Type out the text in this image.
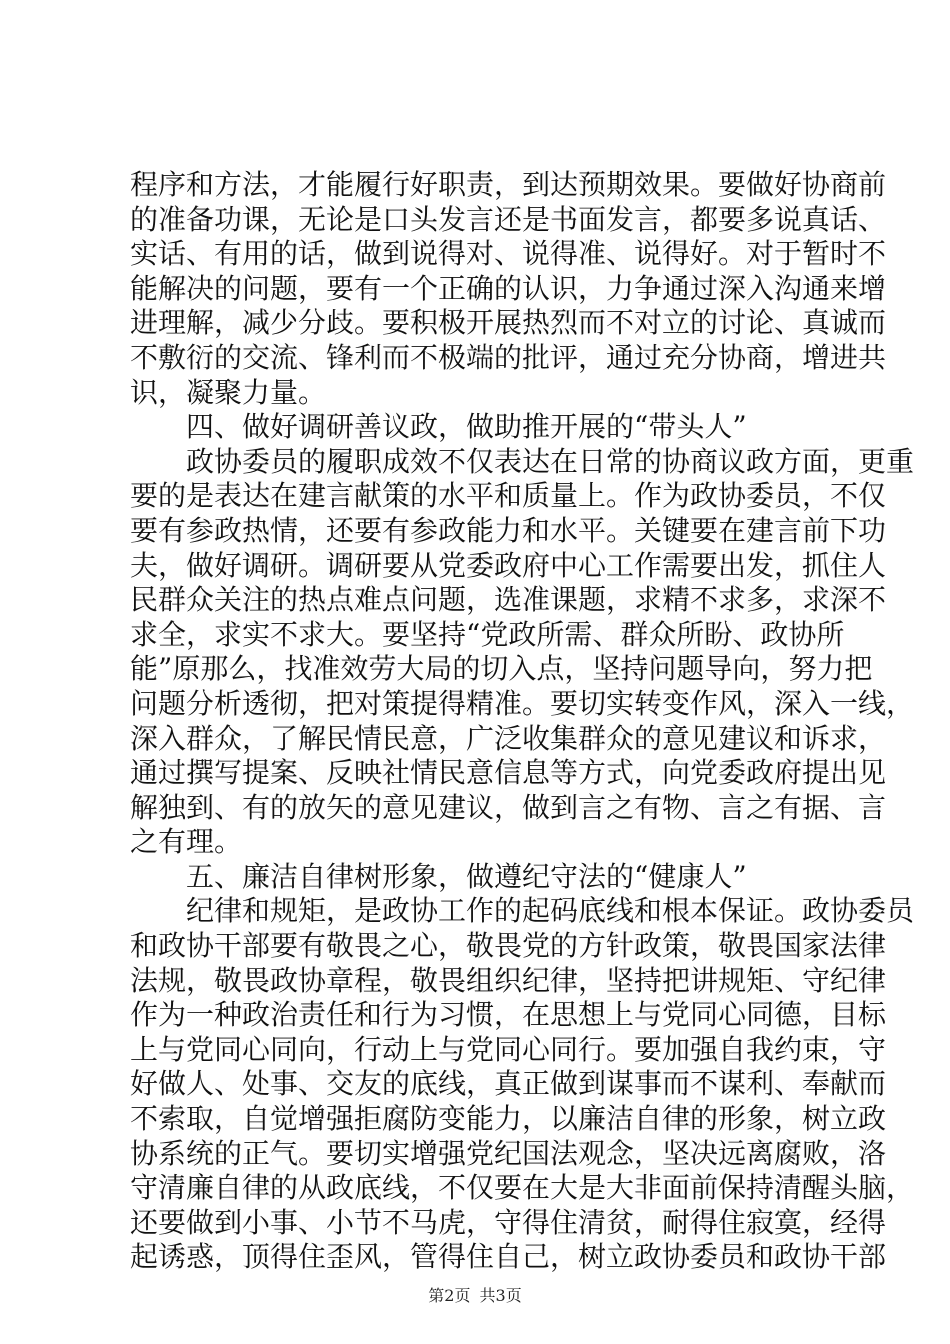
程序和方法，才能履行好职责，到达预期效果。要做好协商前
的准备功课，无论是口头发言还是书面发言，都要多说真话、
实话、有用的话，做到说得对、说得准、说得好。对于暂时不
能解决的问题，要有一个正确的认识，力争通过深入沟通来增
进理解，减少分歧。要积极开展热烈而不对立的讨论、真诚而
不敷衍的交流、锋利而不极端的批评，通过充分协商，增进共
识，凝聚力量。
　　四、做好调研善议政，做助推开展的“带头人”
　　政协委员的履职成效不仅表达在日常的协商议政方面，更重
要的是表达在建言献策的水平和质量上。作为政协委员，不仅
要有参政热情，还要有参政能力和水平。关键要在建言前下功
夫，做好调研。调研要从党委政府中心工作需要出发，抓住人
民群众关注的热点难点问题，选准课题，求精不求多，求深不
求全，求实不求大。要坚持“党政所需、群众所盼、政协所
能”原那么，找准效劳大局的切入点，坚持问题导向，努力把
问题分析透彻，把对策提得精准。要切实转变作风，深入一线，
深入群众，了解民情民意，广泛收集群众的意见建议和诉求，
通过撰写提案、反映社情民意信息等方式，向党委政府提出见
解独到、有的放矢的意见建议，做到言之有物、言之有据、言
之有理。
　　五、廉洁自律树形象，做遵纪守法的“健康人”
　　纪律和规矩，是政协工作的起码底线和根本保证。政协委员
和政协干部要有敬畏之心，敬畏党的方针政策，敬畏国家法律
法规，敬畏政协章程，敬畏组织纪律，坚持把讲规矩、守纪律
作为一种政治责任和行为习惯，在思想上与党同心同德，目标
上与党同心同向，行动上与党同心同行。要加强自我约束，守
好做人、处事、交友的底线，真正做到谋事而不谋利、奉献而
不索取，自觉增强拒腐防变能力，以廉洁自律的形象，树立政
协系统的正气。要切实增强党纪国法观念，坚决远离腐败，洛
守清廉自律的从政底线，不仅要在大是大非面前保持清醒头脑，
还要做到小事、小节不马虎，守得住清贫，耐得住寂寞，经得
起诱惑，顶得住歪风，管得住自己，树立政协委员和政协干部
第2页 共3页
